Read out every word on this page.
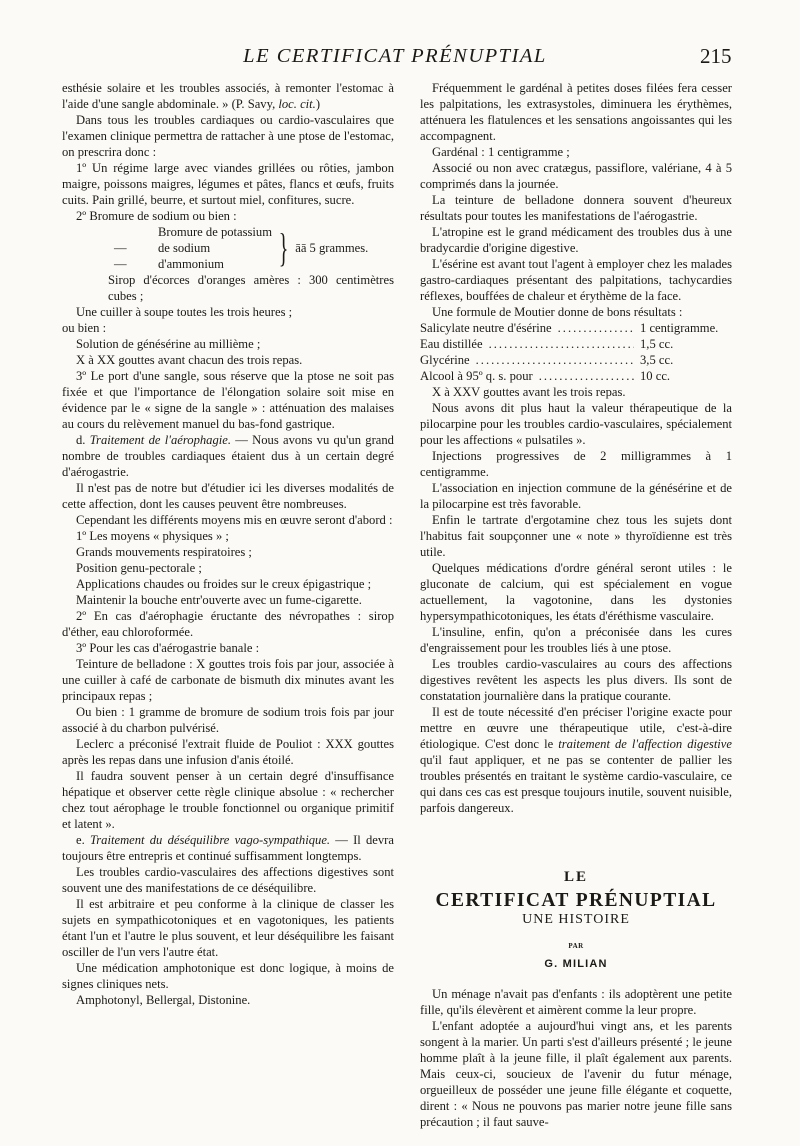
LE CERTIFICAT PRÉNUPTIAL	215

esthésie solaire et les troubles associés, à remonter l'estomac à l'aide d'une sangle abdominale. » (P. Savy, loc. cit.)

Dans tous les troubles cardiaques ou cardio-vasculaires que l'examen clinique permettra de rattacher à une ptose de l'estomac, on prescrira donc :

1º Un régime large avec viandes grillées ou rôties, jambon maigre, poissons maigres, légumes et pâtes, flancs et œufs, fruits cuits. Pain grillé, beurre, et surtout miel, confitures, sucre.

2º Bromure de sodium ou bien :

Bromure de potassium
—	de sodium
—	d'ammonium } āā 5 grammes.

Sirop d'écorces d'oranges amères : 300 centimètres cubes ;

Une cuiller à soupe toutes les trois heures ;

ou bien :

Solution de génésérine au millième ;

X à XX gouttes avant chacun des trois repas.

3º Le port d'une sangle, sous réserve que la ptose ne soit pas fixée et que l'importance de l'élongation solaire soit mise en évidence par le « signe de la sangle » : atténuation des malaises au cours du relèvement manuel du bas-fond gastrique.

d. Traitement de l'aérophagie. — Nous avons vu qu'un grand nombre de troubles cardiaques étaient dus à un certain degré d'aérogastrie.

Il n'est pas de notre but d'étudier ici les diverses modalités de cette affection, dont les causes peuvent être nombreuses.

Cependant les différents moyens mis en œuvre seront d'abord :

1º Les moyens « physiques » ;

Grands mouvements respiratoires ;

Position genu-pectorale ;

Applications chaudes ou froides sur le creux épigastrique ;

Maintenir la bouche entr'ouverte avec un fume-cigarette.

2º En cas d'aérophagie éructante des névropathes : sirop d'éther, eau chloroformée.

3º Pour les cas d'aérogastrie banale :

Teinture de belladone : X gouttes trois fois par jour, associée à une cuiller à café de carbonate de bismuth dix minutes avant les principaux repas ;

Ou bien : 1 gramme de bromure de sodium trois fois par jour associé à du charbon pulvérisé.

Leclerc a préconisé l'extrait fluide de Pouliot : XXX gouttes après les repas dans une infusion d'anis étoilé.

Il faudra souvent penser à un certain degré d'insuffisance hépatique et observer cette règle clinique absolue : « rechercher chez tout aérophage le trouble fonctionnel ou organique primitif et latent ».

e. Traitement du déséquilibre vago-sympathique. — Il devra toujours être entrepris et continué suffisamment longtemps.

Les troubles cardio-vasculaires des affections digestives sont souvent une des manifestations de ce déséquilibre.

Il est arbitraire et peu conforme à la clinique de classer les sujets en sympathicotoniques et en vagotoniques, les patients étant l'un et l'autre le plus souvent, et leur déséquilibre les faisant osciller de l'un vers l'autre état.

Une médication amphotonique est donc logique, à moins de signes cliniques nets.

Amphotonyl, Bellergal, Distonine.

Fréquemment le gardénal à petites doses filées fera cesser les palpitations, les extrasystoles, diminuera les érythèmes, atténuera les flatulences et les sensations angoissantes qui les accompagnent.

Gardénal : 1 centigramme ;

Associé ou non avec cratægus, passiflore, valériane, 4 à 5 comprimés dans la journée.

La teinture de belladone donnera souvent d'heureux résultats pour toutes les manifestations de l'aérogastrie.

L'atropine est le grand médicament des troubles dus à une bradycardie d'origine digestive.

L'ésérine est avant tout l'agent à employer chez les malades gastro-cardiaques présentant des palpitations, tachycardies réflexes, bouffées de chaleur et érythème de la face.

Une formule de Moutier donne de bons résultats :

Salicylate neutre d'ésérine .....	1 centigramme.
Eau distillée .....	1,5 cc.
Glycérine .....	3,5 cc.
Alcool à 95º q. s. pour .....	10 cc.

X à XXV gouttes avant les trois repas.

Nous avons dit plus haut la valeur thérapeutique de la pilocarpine pour les troubles cardio-vasculaires, spécialement pour les affections « pulsatiles ».

Injections progressives de 2 milligrammes à 1 centigramme.

L'association en injection commune de la génésérine et de la pilocarpine est très favorable.

Enfin le tartrate d'ergotamine chez tous les sujets dont l'habitus fait soupçonner une « note » thyroïdienne est très utile.

Quelques médications d'ordre général seront utiles : le gluconate de calcium, qui est spécialement en vogue actuellement, la vagotonine, dans les dystonies hypersympathicotoniques, les états d'éréthisme vasculaire.

L'insuline, enfin, qu'on a préconisée dans les cures d'engraissement pour les troubles liés à une ptose.

Les troubles cardio-vasculaires au cours des affections digestives revêtent les aspects les plus divers. Ils sont de constatation journalière dans la pratique courante.

Il est de toute nécessité d'en préciser l'origine exacte pour mettre en œuvre une thérapeutique utile, c'est-à-dire étiologique. C'est donc le traitement de l'affection digestive qu'il faut appliquer, et ne pas se contenter de pallier les troubles présentés en traitant le système cardio-vasculaire, ce qui dans ces cas est presque toujours inutile, souvent nuisible, parfois dangereux.

LE
CERTIFICAT PRÉNUPTIAL
UNE HISTOIRE
PAR
G. MILIAN

Un ménage n'avait pas d'enfants : ils adoptèrent une petite fille, qu'ils élevèrent et aimèrent comme la leur propre.

L'enfant adoptée a aujourd'hui vingt ans, et les parents songent à la marier. Un parti s'est d'ailleurs présenté ; le jeune homme plaît à la jeune fille, il plaît également aux parents. Mais ceux-ci, soucieux de l'avenir du futur ménage, orgueilleux de posséder une jeune fille élégante et coquette, dirent : « Nous ne pouvons pas marier notre jeune fille sans précaution ; il faut sauve-
